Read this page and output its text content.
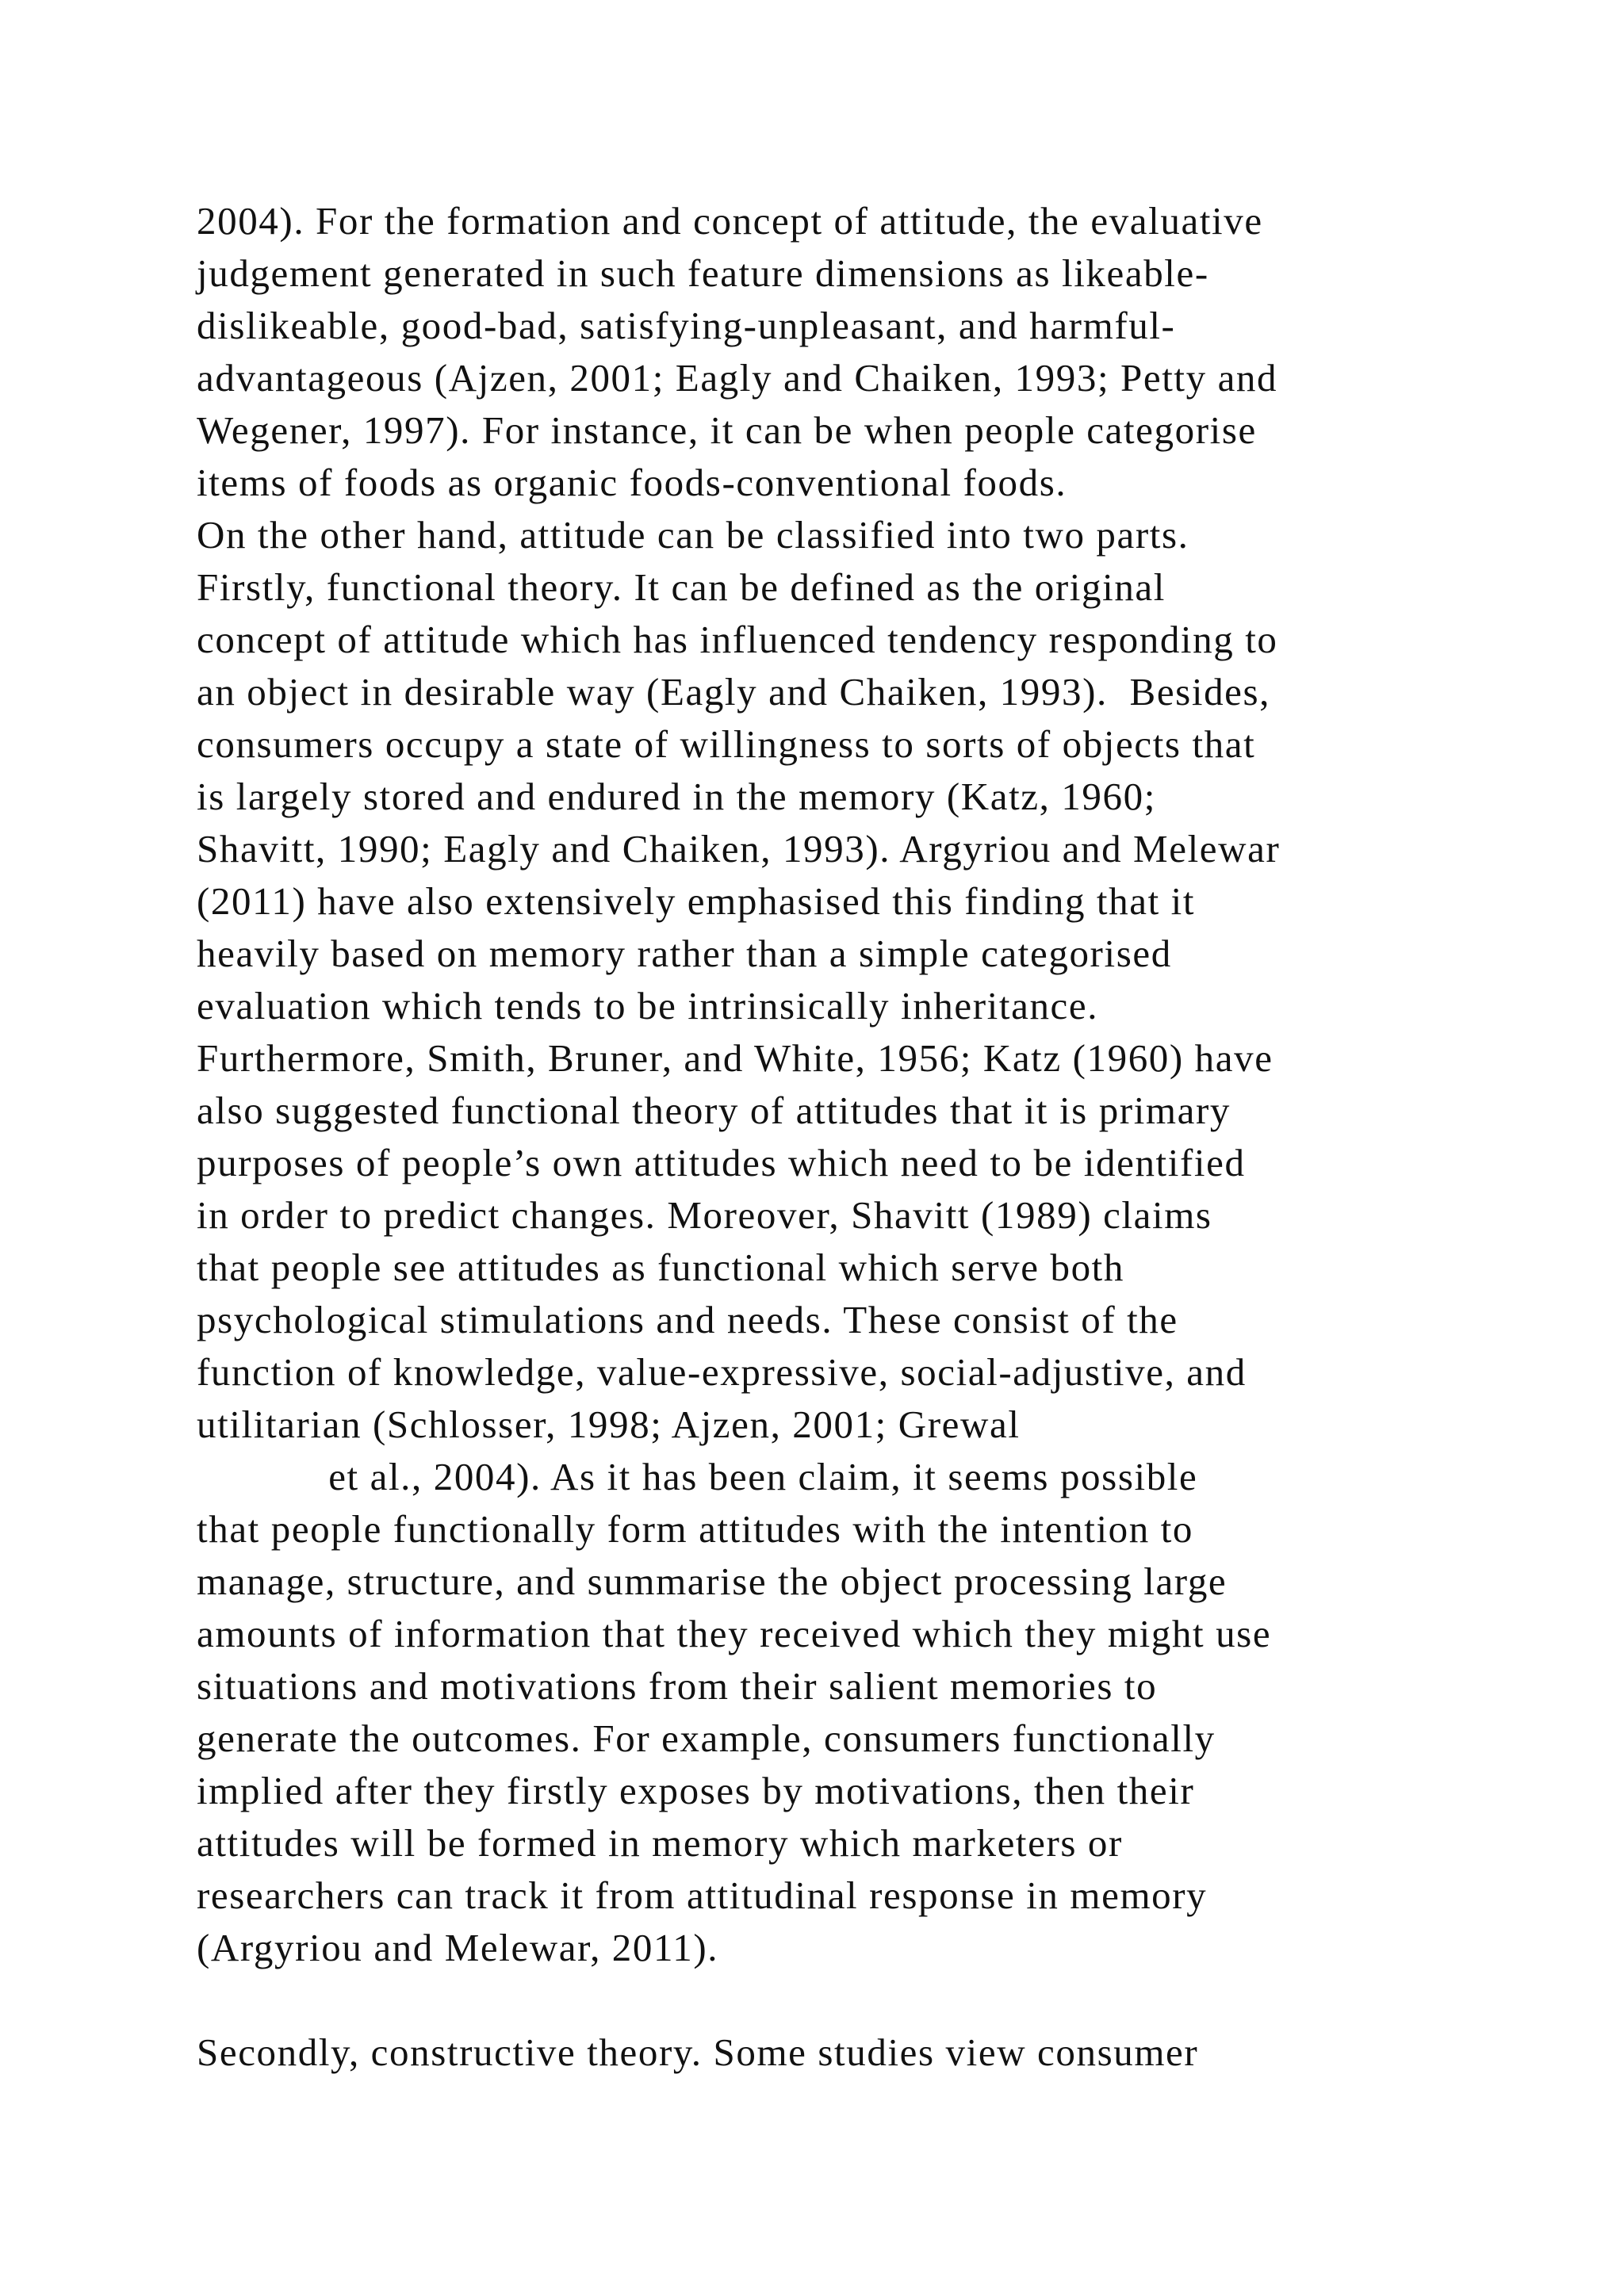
2004). For the formation and concept of attitude, the evaluative
judgement generated in such feature dimensions as likeable-
dislikeable, good-bad, satisfying-unpleasant, and harmful-
advantageous (Ajzen, 2001; Eagly and Chaiken, 1993; Petty and
Wegener, 1997). For instance, it can be when people categorise
items of foods as organic foods-conventional foods.
On the other hand, attitude can be classified into two parts.
Firstly, functional theory. It can be defined as the original
concept of attitude which has influenced tendency responding to
an object in desirable way (Eagly and Chaiken, 1993).  Besides,
consumers occupy a state of willingness to sorts of objects that
is largely stored and endured in the memory (Katz, 1960;
Shavitt, 1990; Eagly and Chaiken, 1993). Argyriou and Melewar
(2011) have also extensively emphasised this finding that it
heavily based on memory rather than a simple categorised
evaluation which tends to be intrinsically inheritance.
Furthermore, Smith, Bruner, and White, 1956; Katz (1960) have
also suggested functional theory of attitudes that it is primary
purposes of people’s own attitudes which need to be identified
in order to predict changes. Moreover, Shavitt (1989) claims
that people see attitudes as functional which serve both
psychological stimulations and needs. These consist of the
function of knowledge, value-expressive, social-adjustive, and
utilitarian (Schlosser, 1998; Ajzen, 2001; Grewal
et al., 2004). As it has been claim, it seems possible
that people functionally form attitudes with the intention to
manage, structure, and summarise the object processing large
amounts of information that they received which they might use
situations and motivations from their salient memories to
generate the outcomes. For example, consumers functionally
implied after they firstly exposes by motivations, then their
attitudes will be formed in memory which marketers or
researchers can track it from attitudinal response in memory
(Argyriou and Melewar, 2011).
Secondly, constructive theory. Some studies view consumer
